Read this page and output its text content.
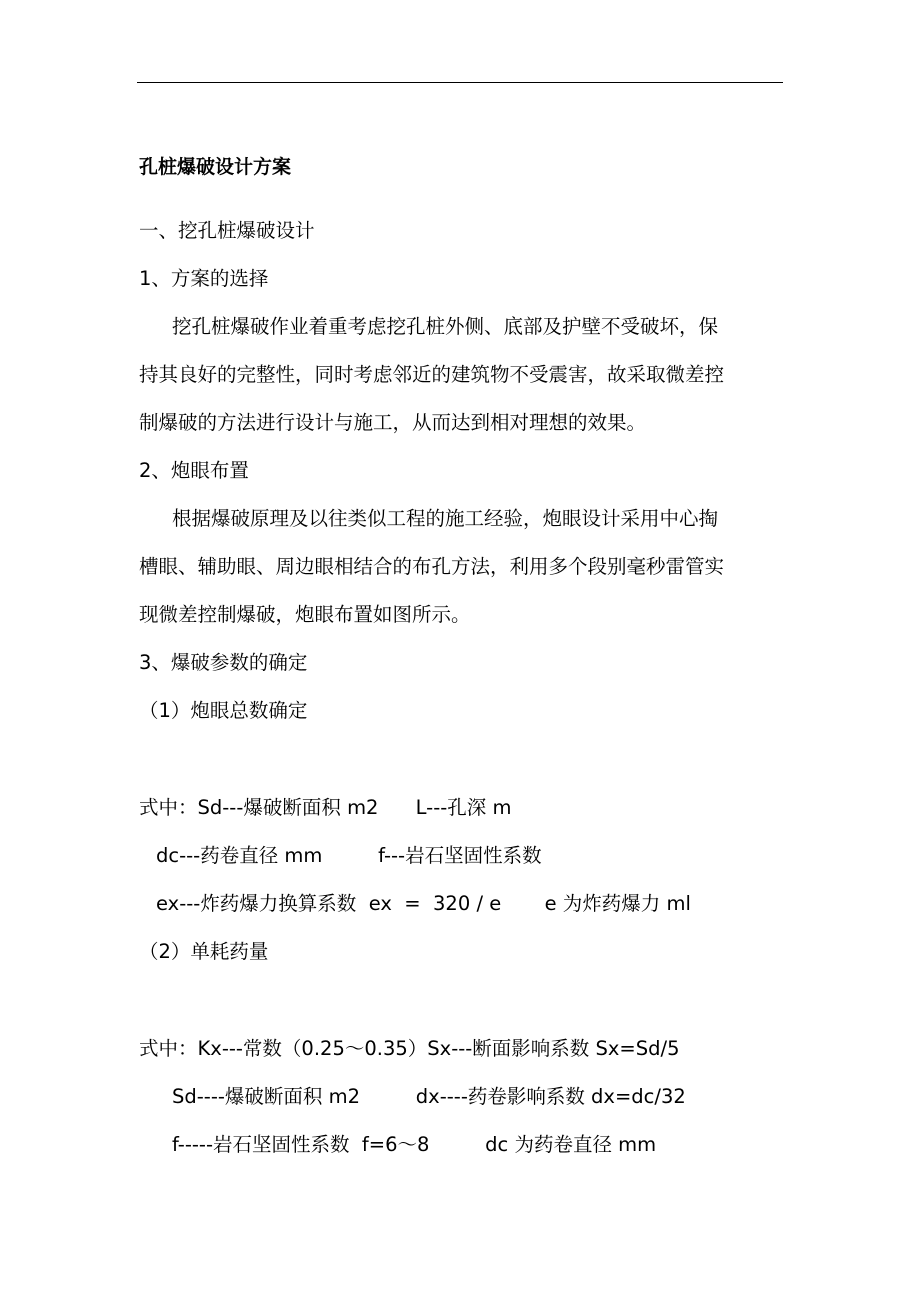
孔桩爆破设计方案
一、挖孔桩爆破设计
1、方案的选择
挖孔桩爆破作业着重考虑挖孔桩外侧、底部及护壁不受破坏，保
持其良好的完整性，同时考虑邻近的建筑物不受震害，故采取微差控
制爆破的方法进行设计与施工，从而达到相对理想的效果。
2、炮眼布置
根据爆破原理及以往类似工程的施工经验，炮眼设计采用中心掏
槽眼、辅助眼、周边眼相结合的布孔方法，利用多个段别毫秒雷管实
现微差控制爆破，炮眼布置如图所示。
3、爆破参数的确定
（1）炮眼总数确定
式中：Sd---爆破断面积 m2      L---孔深 m
dc---药卷直径 mm         f---岩石坚固性系数
ex---炸药爆力换算系数  ex  =  320 / e       e 为炸药爆力 ml
（2）单耗药量
式中：Kx---常数（0.25～0.35）Sx---断面影响系数 Sx=Sd/5
Sd----爆破断面积 m2         dx----药卷影响系数 dx=dc/32
f-----岩石坚固性系数  f=6～8         dc 为药卷直径 mm
